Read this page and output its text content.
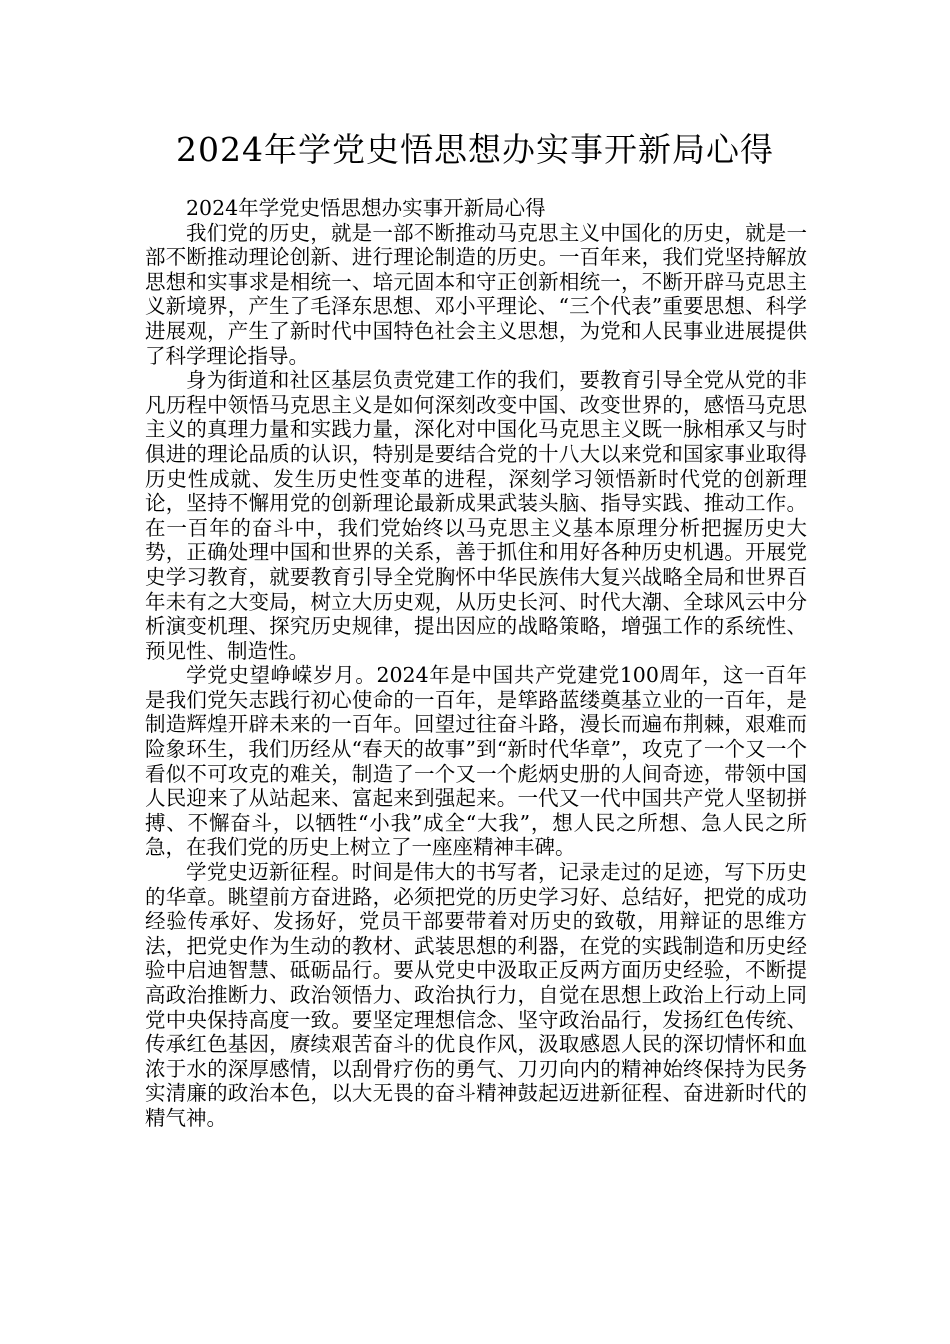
2024年学党史悟思想办实事开新局心得

2024年学党史悟思想办实事开新局心得

我们党的历史，就是一部不断推动马克思主义中国化的历史，就是一部不断推动理论创新、进行理论制造的历史。一百年来，我们党坚持解放思想和实事求是相统一、培元固本和守正创新相统一，不断开辟马克思主义新境界，产生了毛泽东思想、邓小平理论、“三个代表”重要思想、科学进展观，产生了新时代中国特色社会主义思想，为党和人民事业进展提供了科学理论指导。

身为街道和社区基层负责党建工作的我们，要教育引导全党从党的非凡历程中领悟马克思主义是如何深刻改变中国、改变世界的，感悟马克思主义的真理力量和实践力量，深化对中国化马克思主义既一脉相承又与时俱进的理论品质的认识，特别是要结合党的十八大以来党和国家事业取得历史性成就、发生历史性变革的进程，深刻学习领悟新时代党的创新理论，坚持不懈用党的创新理论最新成果武装头脑、指导实践、推动工作。在一百年的奋斗中，我们党始终以马克思主义基本原理分析把握历史大势，正确处理中国和世界的关系，善于抓住和用好各种历史机遇。开展党史学习教育，就要教育引导全党胸怀中华民族伟大复兴战略全局和世界百年未有之大变局，树立大历史观，从历史长河、时代大潮、全球风云中分析演变机理、探究历史规律，提出因应的战略策略，增强工作的系统性、预见性、制造性。

学党史望峥嵘岁月。2024年是中国共产党建党100周年，这一百年是我们党矢志践行初心使命的一百年，是筚路蓝缕奠基立业的一百年，是制造辉煌开辟未来的一百年。回望过往奋斗路，漫长而遍布荆棘，艰难而险象环生，我们历经从“春天的故事”到“新时代华章”，攻克了一个又一个看似不可攻克的难关，制造了一个又一个彪炳史册的人间奇迹，带领中国人民迎来了从站起来、富起来到强起来。一代又一代中国共产党人坚韧拼搏、不懈奋斗，以牺牲“小我”成全“大我”，想人民之所想、急人民之所急，在我们党的历史上树立了一座座精神丰碑。

学党史迈新征程。时间是伟大的书写者，记录走过的足迹，写下历史的华章。眺望前方奋进路，必须把党的历史学习好、总结好，把党的成功经验传承好、发扬好，党员干部要带着对历史的致敬，用辩证的思维方法，把党史作为生动的教材、武装思想的利器，在党的实践制造和历史经验中启迪智慧、砥砺品行。要从党史中汲取正反两方面历史经验，不断提高政治推断力、政治领悟力、政治执行力，自觉在思想上政治上行动上同党中央保持高度一致。要坚定理想信念、坚守政治品行，发扬红色传统、传承红色基因，赓续艰苦奋斗的优良作风，汲取感恩人民的深切情怀和血浓于水的深厚感情，以刮骨疗伤的勇气、刀刃向内的精神始终保持为民务实清廉的政治本色，以大无畏的奋斗精神鼓起迈进新征程、奋进新时代的精气神。
